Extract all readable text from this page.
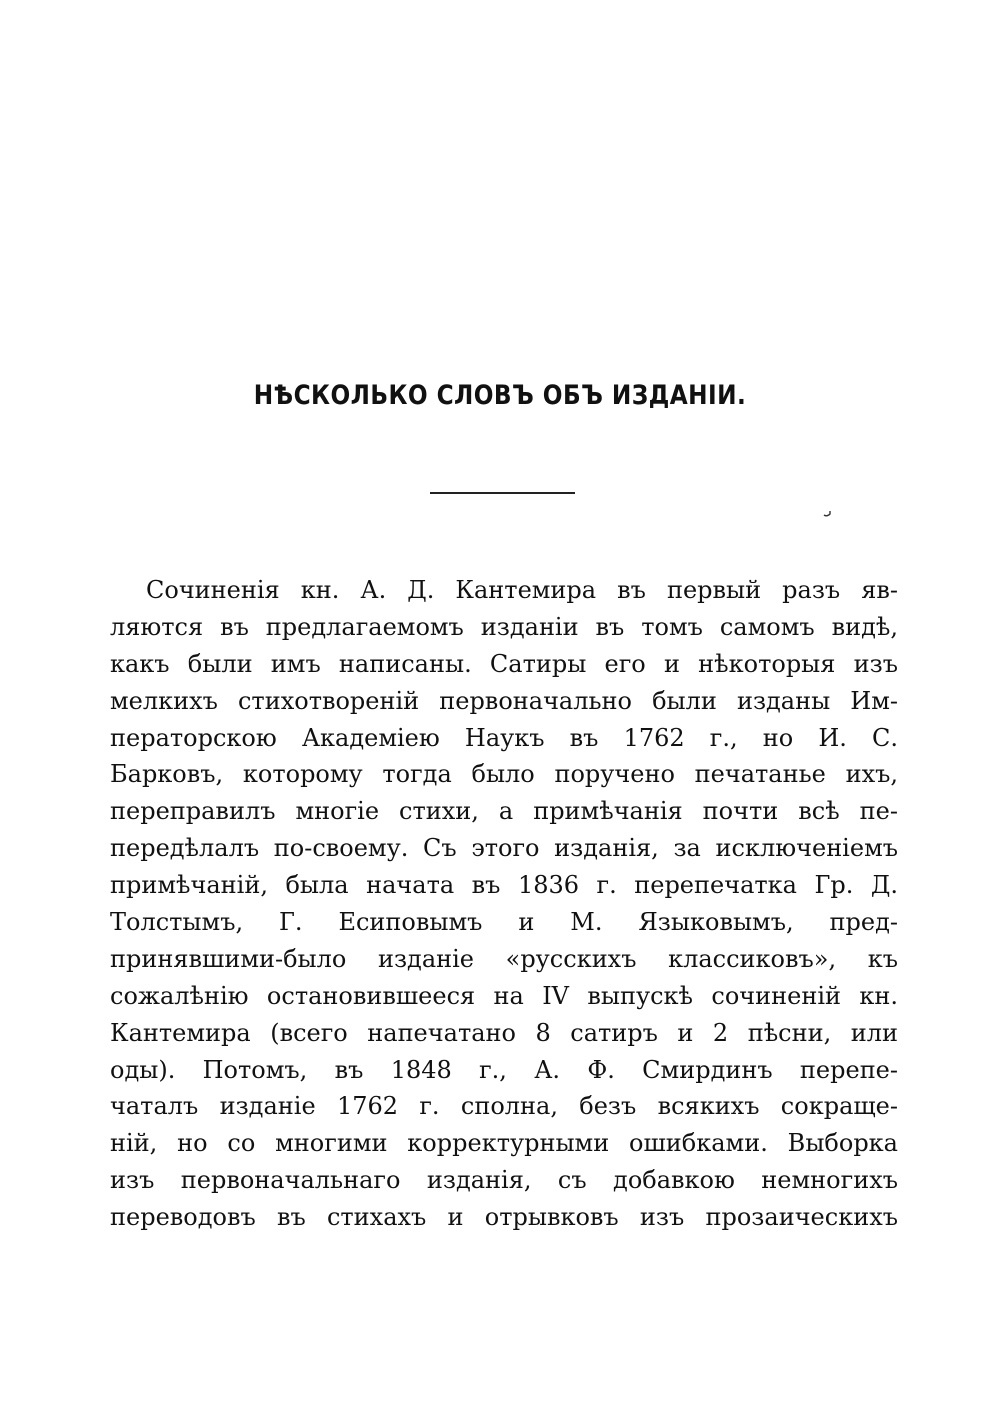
НѢСКОЛЬКО СЛОВЪ ОБЪ ИЗДАНІИ.
Сочиненія кн. А. Д. Кантемира въ первый разъ яв-
ляются въ предлагаемомъ изданіи въ томъ самомъ видѣ,
какъ были имъ написаны. Сатиры его и нѣкоторыя изъ
мелкихъ стихотвореній первоначально были изданы Им-
ператорскою Академіею Наукъ въ 1762 г., но И. С.
Барковъ, которому тогда было поручено печатанье ихъ,
переправилъ многіе стихи, а примѣчанія почти всѣ пе-
передѣлалъ по-своему. Съ этого изданія, за исключеніемъ
примѣчаній, была начата въ 1836 г. перепечатка Гр. Д.
Толстымъ, Г. Есиповымъ и М. Языковымъ, пред-
принявшими-было изданіе «русскихъ классиковъ», къ
сожалѣнію остановившееся на IV выпускѣ сочиненій кн.
Кантемира (всего напечатано 8 сатиръ и 2 пѣсни, или
оды). Потомъ, въ 1848 г., А. Ф. Смирдинъ перепе-
чаталъ изданіе 1762 г. сполна, безъ всякихъ сокраще-
ній, но со многими корректурными ошибками. Выборка
изъ первоначальнаго изданія, съ добавкою немногихъ
переводовъ въ стихахъ и отрывковъ изъ прозаическихъ
